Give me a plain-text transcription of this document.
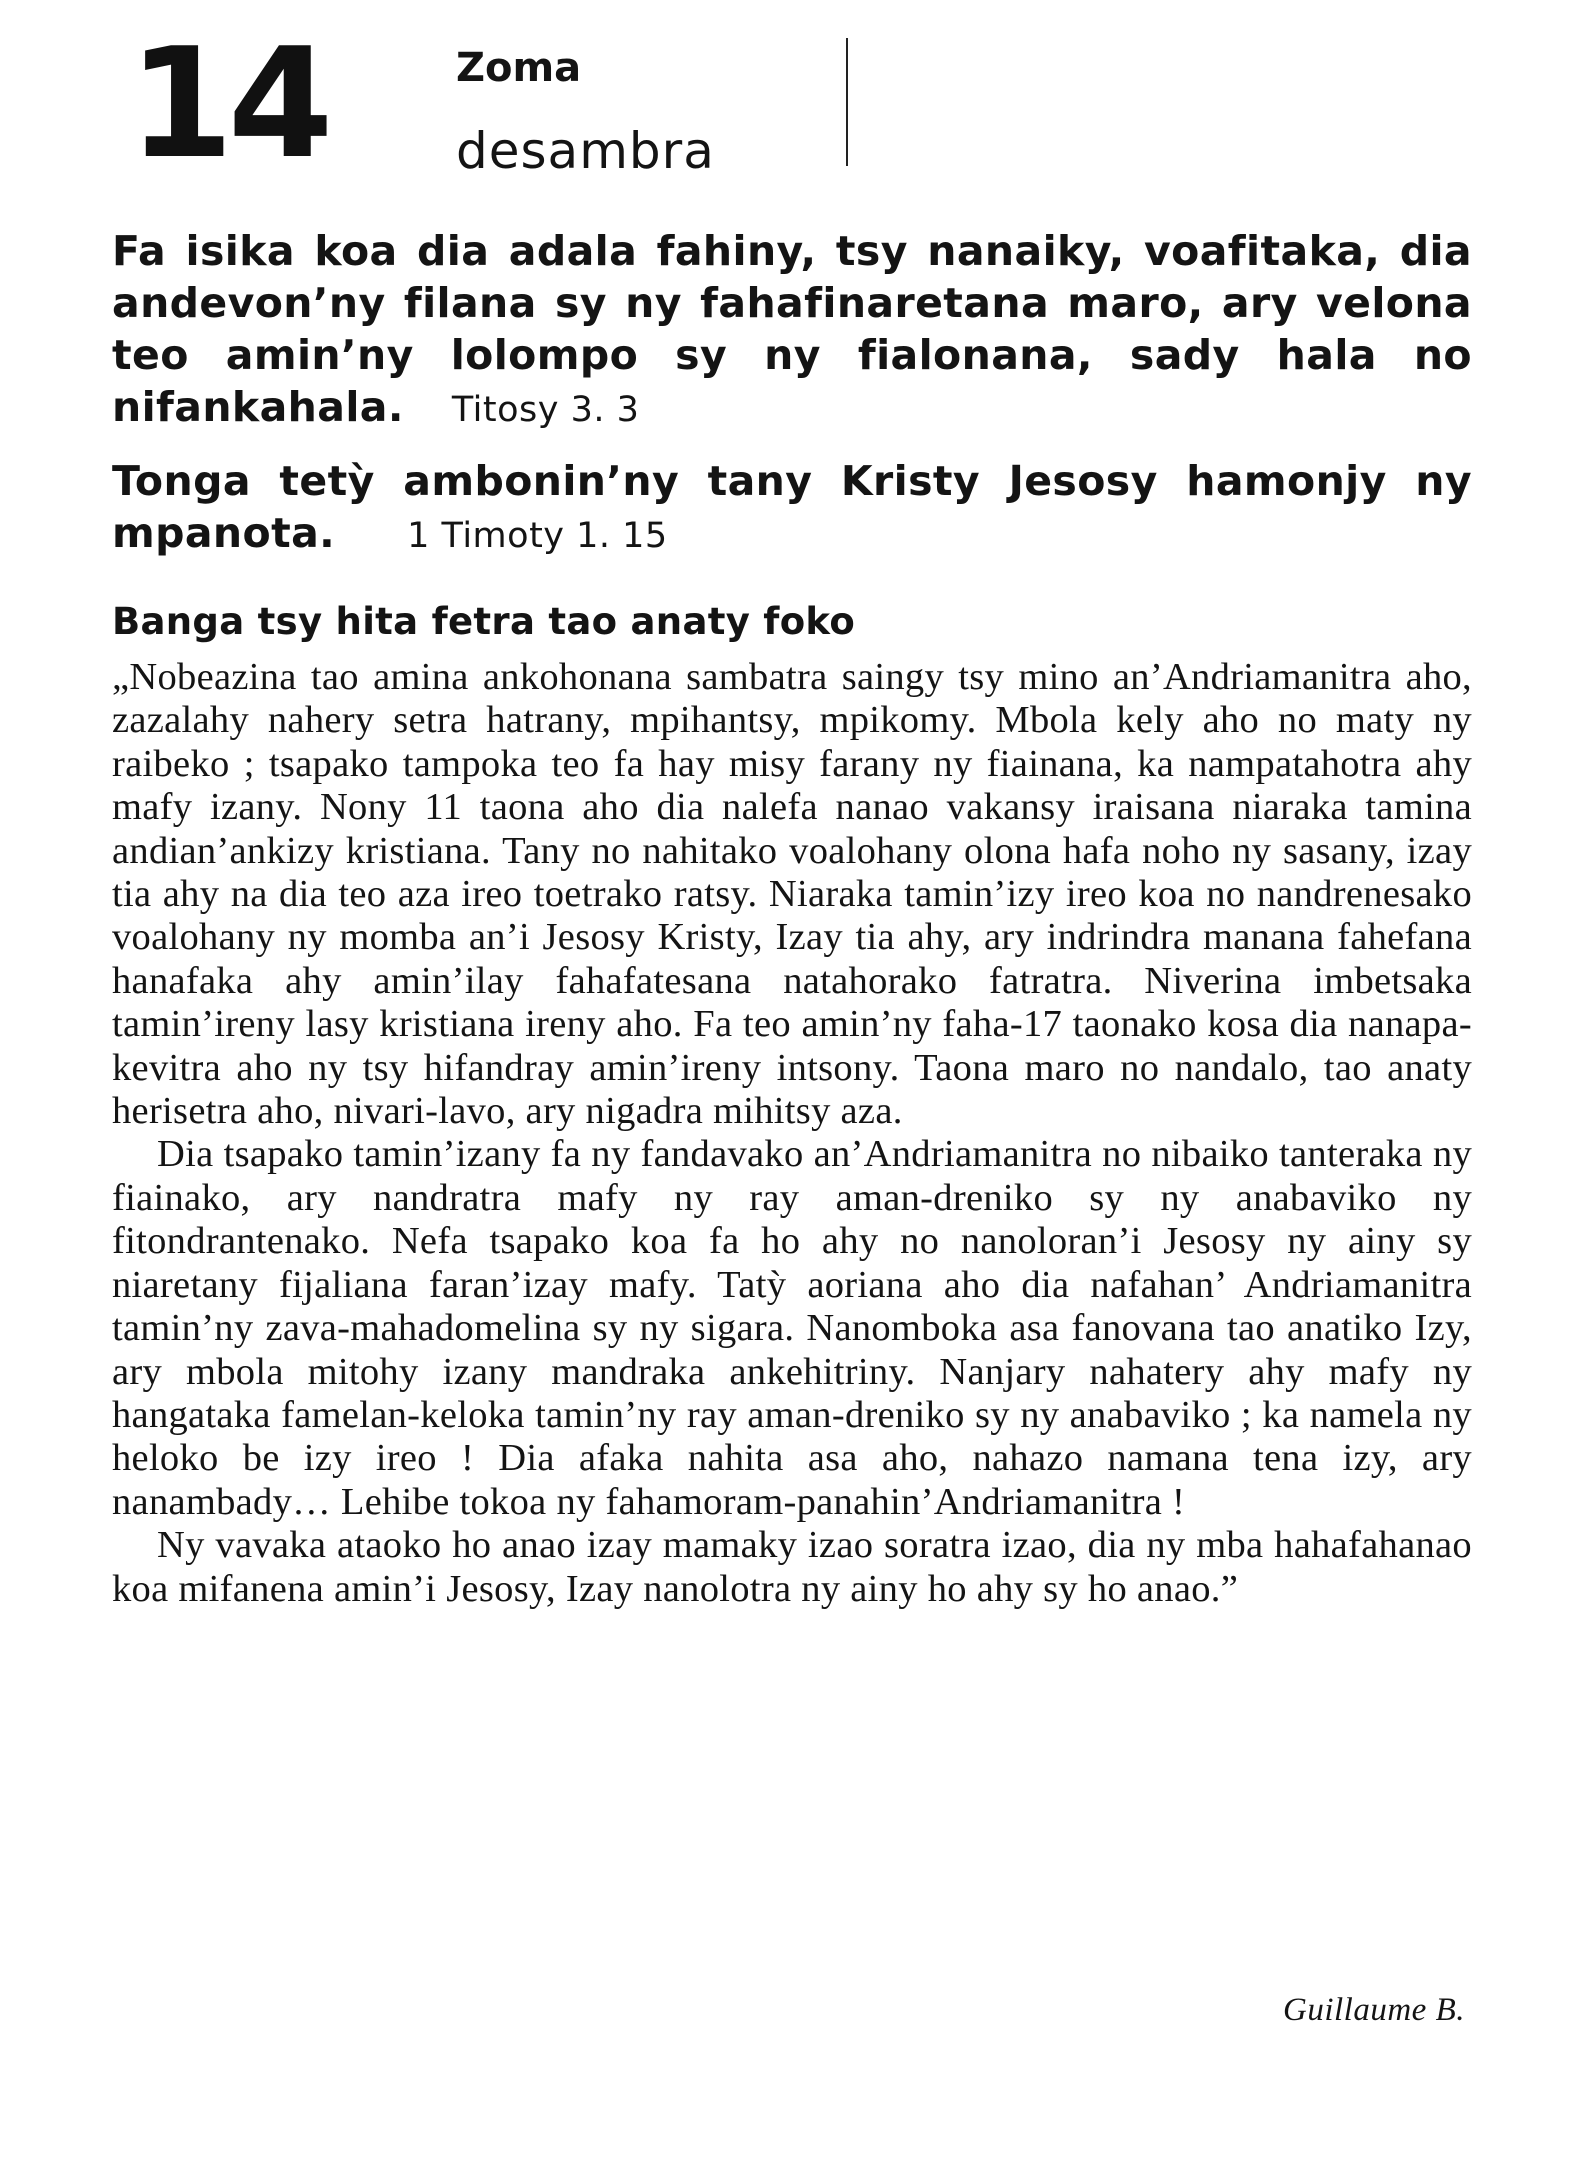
14	Zoma
desambra

Fa isika koa dia adala fahiny, tsy nanaiky, voafitaka, dia andevon’ny filana sy ny fahafinaretana maro, ary velona teo amin’ny lolompo sy ny fialonana, sady hala no nifankahala. Titosy 3. 3

Tonga tetỳ ambonin’ny tany Kristy Jesosy hamonjy ny mpanota. 1 Timoty 1. 15

Banga tsy hita fetra tao anaty foko

„Nobeazina tao amina ankohonana sambatra saingy tsy mino an’Andriamanitra aho, zazalahy nahery setra hatrany, mpihantsy, mpikomy. Mbola kely aho no maty ny raibeko ; tsapako tampoka teo fa hay misy farany ny fiainana, ka nampatahotra ahy mafy izany. Nony 11 taona aho dia nalefa nanao vakansy iraisana niaraka tamina andian’ankizy kristiana. Tany no nahitako voalohany olona hafa noho ny sasany, izay tia ahy na dia teo aza ireo toetrako ratsy. Niaraka tamin’izy ireo koa no nandrenesako voalohany ny momba an’i Jesosy Kristy, Izay tia ahy, ary indrindra manana fahefana hanafaka ahy amin’ilay fahafatesana natahorako fatratra. Niverina imbetsaka tamin’ireny lasy kristiana ireny aho. Fa teo amin’ny faha-17 taonako kosa dia nanapa-kevitra aho ny tsy hifandray amin’ireny intsony. Taona maro no nandalo, tao anaty herisetra aho, nivari-lavo, ary nigadra mihitsy aza.

Dia tsapako tamin’izany fa ny fandavako an’Andriamanitra no nibaiko tanteraka ny fiainako, ary nandratra mafy ny ray aman-dreniko sy ny anabaviko ny fitondrantenako. Nefa tsapako koa fa ho ahy no nanoloran’i Jesosy ny ainy sy niaretany fijaliana faran’izay mafy. Tatỳ aoriana aho dia nafahan’ Andriamanitra tamin’ny zava-mahadomelina sy ny sigara. Nanomboka asa fanovana tao anatiko Izy, ary mbola mitohy izany mandraka ankehitriny. Nanjary nahatery ahy mafy ny hangataka famelan-keloka tamin’ny ray aman-dreniko sy ny anabaviko ; ka namela ny heloko be izy ireo ! Dia afaka nahita asa aho, nahazo namana tena izy, ary nanambady… Lehibe tokoa ny fahamoram-panahin’Andriamanitra !

Ny vavaka ataoko ho anao izay mamaky izao soratra izao, dia ny mba hahafahanao koa mifanena amin’i Jesosy, Izay nanolotra ny ainy ho ahy sy ho anao.”

Guillaume B.
